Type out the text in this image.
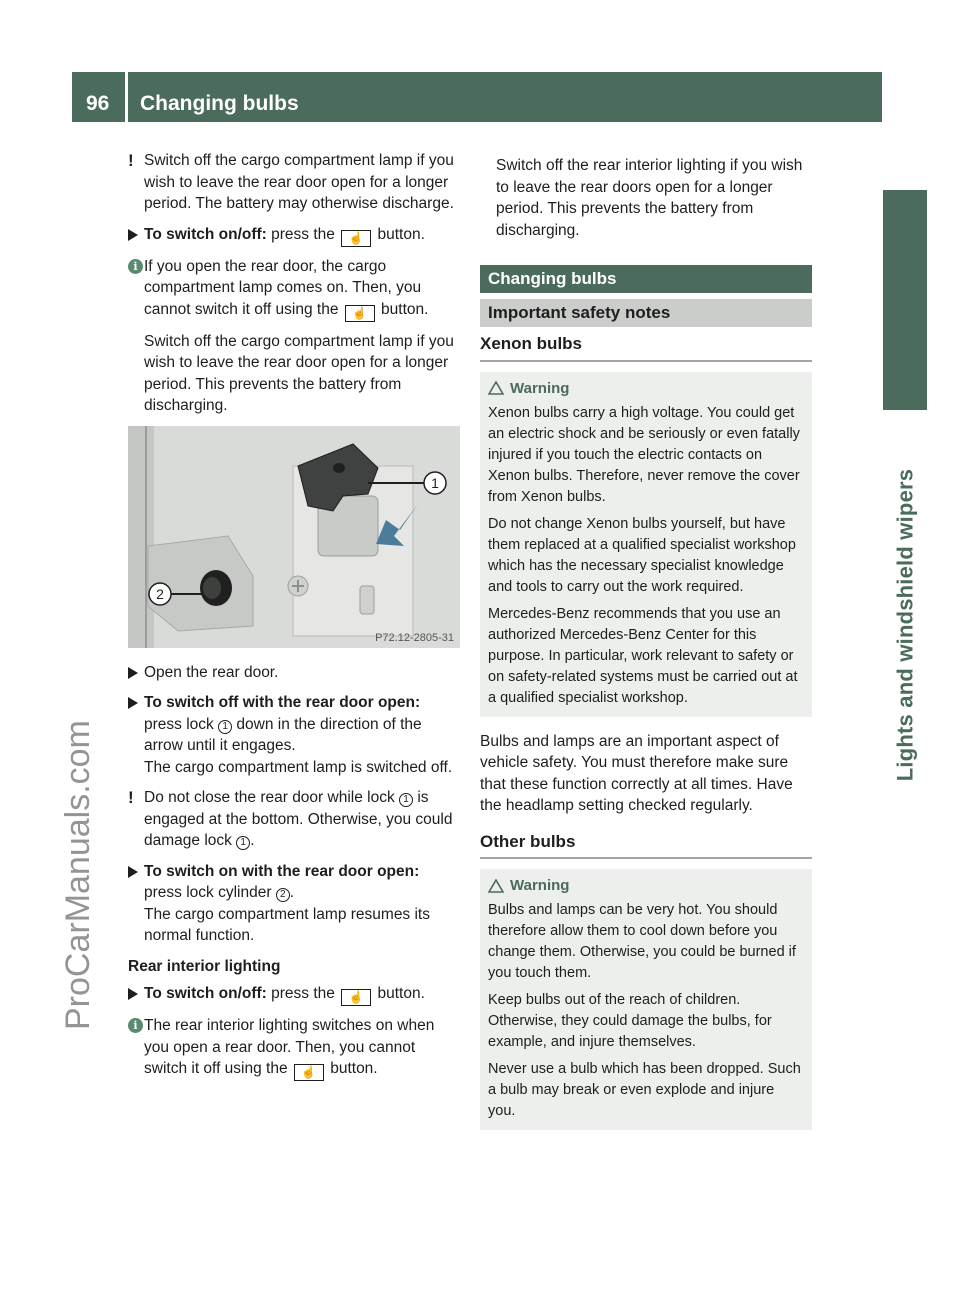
96	Changing bulbs
Lights and windshield wipers
ProCarManuals.com
! Switch off the cargo compartment lamp if you wish to leave the rear door open for a longer period. The battery may otherwise discharge.
To switch on/off: press the ☝ button.
i If you open the rear door, the cargo compartment lamp comes on. Then, you cannot switch it off using the ☝ button.

Switch off the cargo compartment lamp if you wish to leave the rear door open for a longer period. This prevents the battery from discharging.

1
2
P72.12-2805-31
Open the rear door.
To switch off with the rear door open:
press lock 1 down in the direction of the arrow until it engages.
The cargo compartment lamp is switched off.
! Do not close the rear door while lock 1 is engaged at the bottom. Otherwise, you could damage lock 1 .
To switch on with the rear door open:
press lock cylinder 2 .
The cargo compartment lamp resumes its normal function.
Rear interior lighting
To switch on/off: press the ☝ button.
i The rear interior lighting switches on when you open a rear door. Then, you cannot switch it off using the ☝ button.

Switch off the rear interior lighting if you wish to leave the rear doors open for a longer period. This prevents the battery from discharging.

Changing bulbs
Important safety notes
Xenon bulbs
Warning

Xenon bulbs carry a high voltage. You could get an electric shock and be seriously or even fatally injured if you touch the electric contacts on Xenon bulbs. Therefore, never remove the cover from Xenon bulbs.

Do not change Xenon bulbs yourself, but have them replaced at a qualified specialist workshop which has the necessary specialist knowledge and tools to carry out the work required.

Mercedes-Benz recommends that you use an authorized Mercedes-Benz Center for this purpose. In particular, work relevant to safety or on safety-related systems must be carried out at a qualified specialist workshop.

Bulbs and lamps are an important aspect of vehicle safety. You must therefore make sure that these function correctly at all times. Have the headlamp setting checked regularly.

Other bulbs
Warning

Bulbs and lamps can be very hot. You should therefore allow them to cool down before you change them. Otherwise, you could be burned if you touch them.

Keep bulbs out of the reach of children. Otherwise, they could damage the bulbs, for example, and injure themselves.

Never use a bulb which has been dropped. Such a bulb may break or even explode and injure you.
